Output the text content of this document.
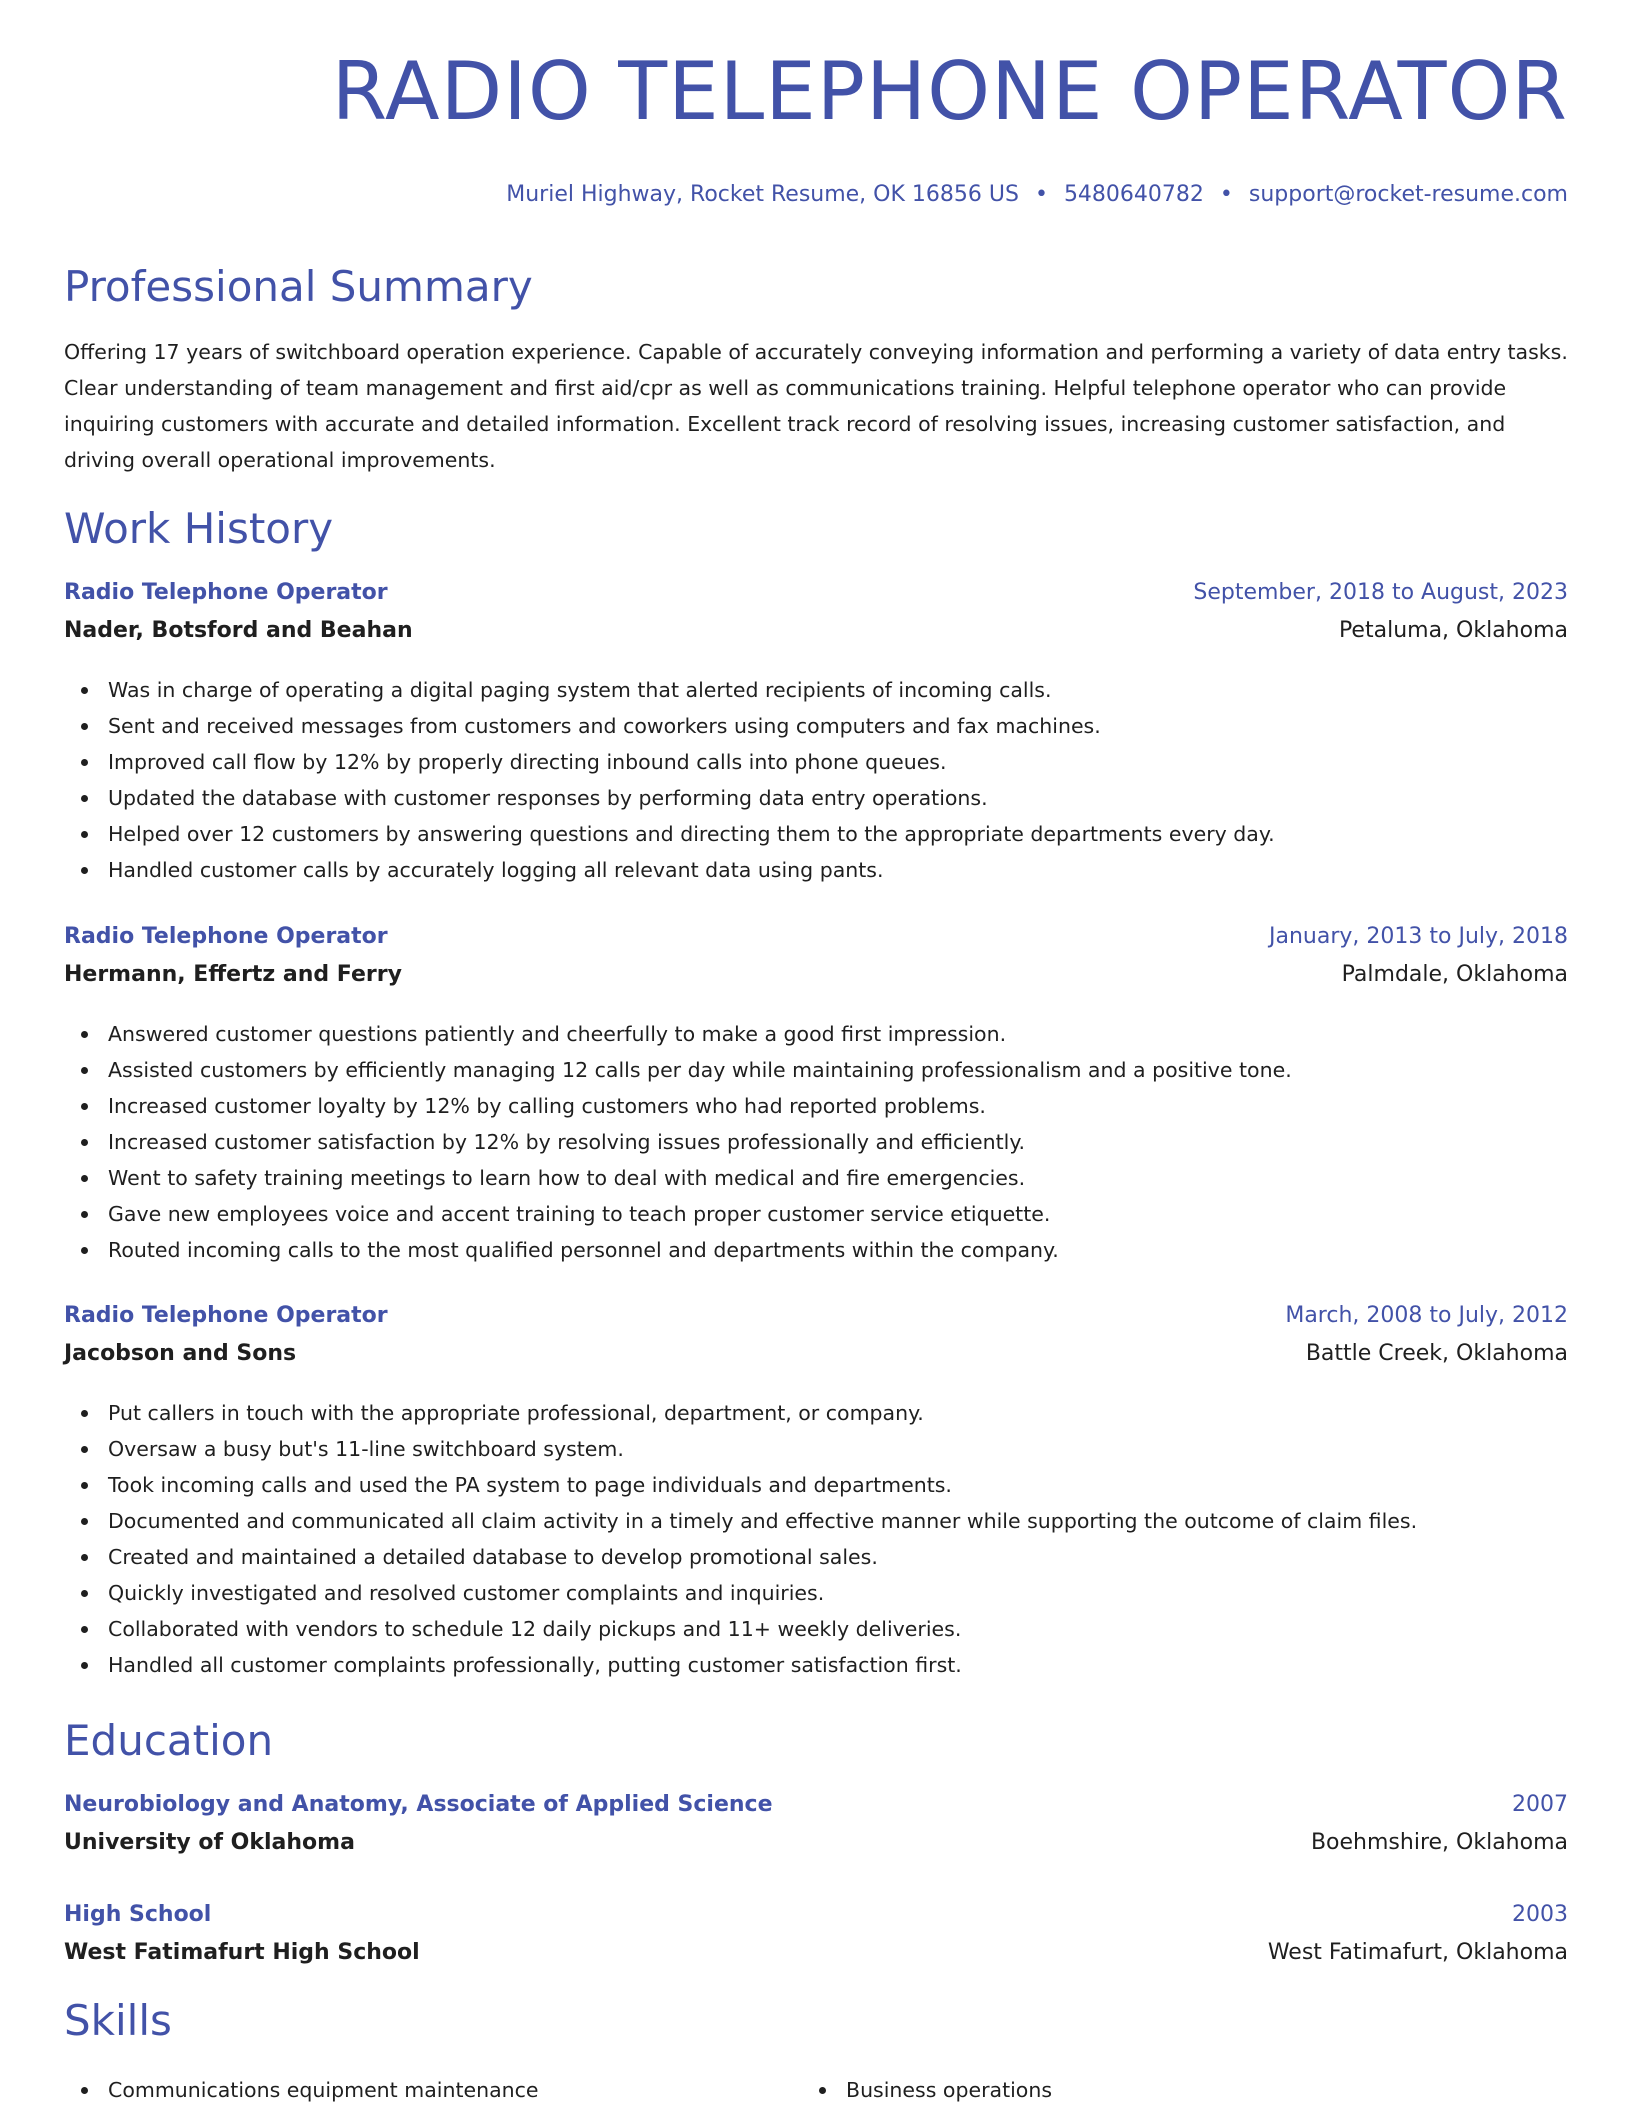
RADIO TELEPHONE OPERATOR
Muriel Highway, Rocket Resume, OK 16856 US • 5480640782 • support@rocket-resume.com
Professional Summary

Offering 17 years of switchboard operation experience. Capable of accurately conveying information and performing a variety of data entry tasks. Clear understanding of team management and first aid/cpr as well as communications training. Helpful telephone operator who can provide inquiring customers with accurate and detailed information. Excellent track record of resolving issues, increasing customer satisfaction, and driving overall operational improvements.

Work History
Radio Telephone Operator	September, 2018 to August, 2023
Nader, Botsford and Beahan	Petaluma, Oklahoma
Was in charge of operating a digital paging system that alerted recipients of incoming calls.
Sent and received messages from customers and coworkers using computers and fax machines.
Improved call flow by 12% by properly directing inbound calls into phone queues.
Updated the database with customer responses by performing data entry operations.
Helped over 12 customers by answering questions and directing them to the appropriate departments every day.
Handled customer calls by accurately logging all relevant data using pants.
Radio Telephone Operator	January, 2013 to July, 2018
Hermann, Effertz and Ferry	Palmdale, Oklahoma
Answered customer questions patiently and cheerfully to make a good first impression.
Assisted customers by efficiently managing 12 calls per day while maintaining professionalism and a positive tone.
Increased customer loyalty by 12% by calling customers who had reported problems.
Increased customer satisfaction by 12% by resolving issues professionally and efficiently.
Went to safety training meetings to learn how to deal with medical and fire emergencies.
Gave new employees voice and accent training to teach proper customer service etiquette.
Routed incoming calls to the most qualified personnel and departments within the company.
Radio Telephone Operator	March, 2008 to July, 2012
Jacobson and Sons	Battle Creek, Oklahoma
Put callers in touch with the appropriate professional, department, or company.
Oversaw a busy but's 11-line switchboard system.
Took incoming calls and used the PA system to page individuals and departments.
Documented and communicated all claim activity in a timely and effective manner while supporting the outcome of claim files.
Created and maintained a detailed database to develop promotional sales.
Quickly investigated and resolved customer complaints and inquiries.
Collaborated with vendors to schedule 12 daily pickups and 11+ weekly deliveries.
Handled all customer complaints professionally, putting customer satisfaction first.
Education
Neurobiology and Anatomy, Associate of Applied Science	2007
University of Oklahoma	Boehmshire, Oklahoma
High School	2003
West Fatimafurt High School	West Fatimafurt, Oklahoma
Skills
Communications equipment maintenance	Business operations
